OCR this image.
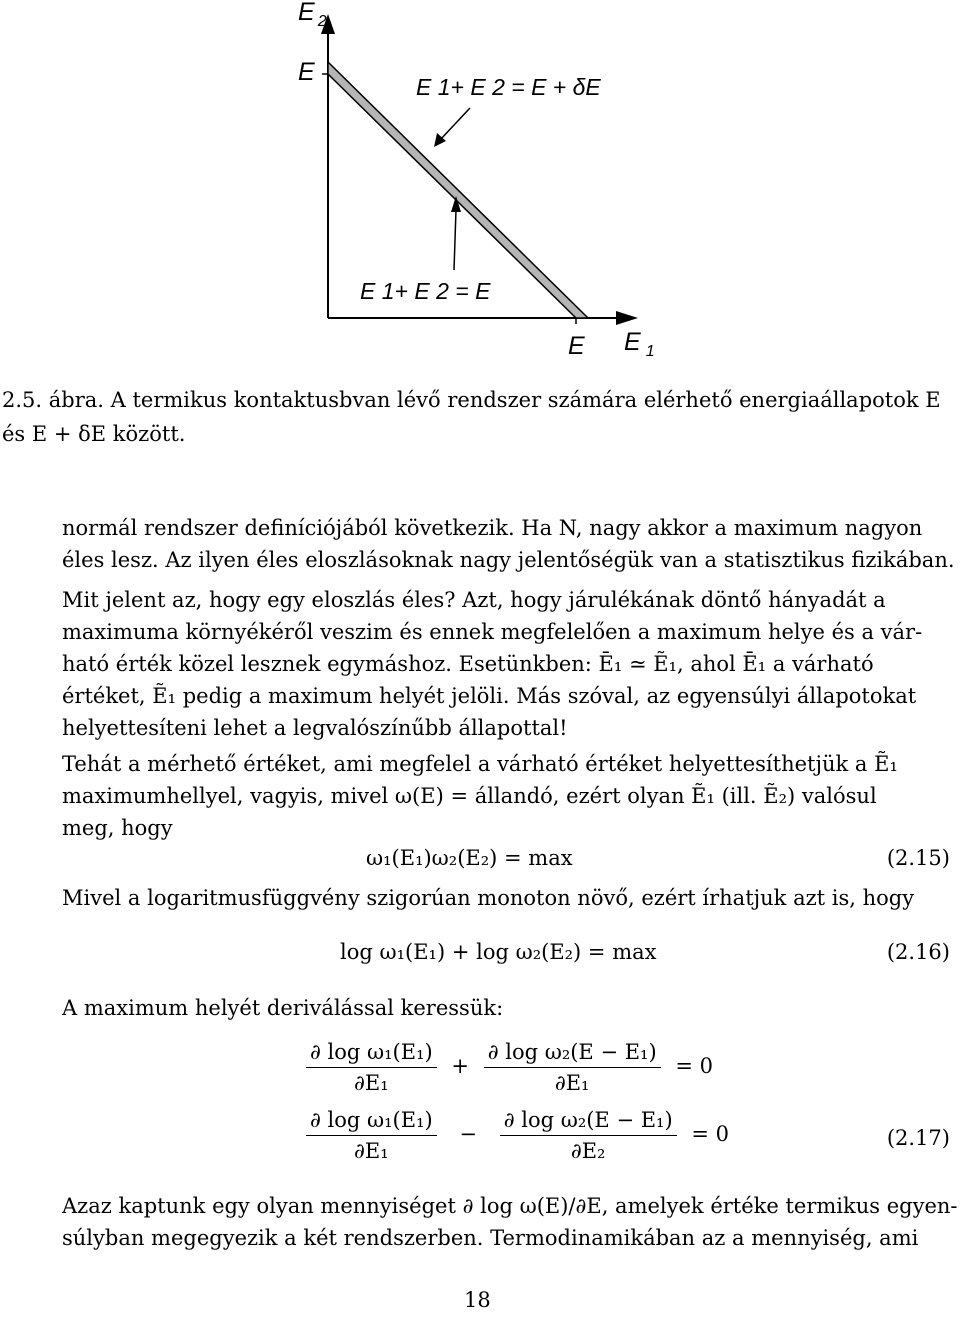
E $_2$
E
E E $_1$
E 1+ E 2 = E + δE
E 1+ E 2 = E
2.5. ábra. A termikus kontaktusbvan lévő rendszer számára elérhető energiaállapotok E
és E + δE között.
normál rendszer definíciójából következik. Ha N, nagy akkor a maximum nagyon
éles lesz. Az ilyen éles eloszlásoknak nagy jelentőségük van a statisztikus fizikában.
Mit jelent az, hogy egy eloszlás éles? Azt, hogy járulékának döntő hányadát a
maximuma környékéről veszim és ennek megfelelően a maximum helye és a vár-
ható érték közel lesznek egymáshoz. Esetünkben: Ē₁ ≃ Ẽ₁, ahol Ē₁ a várható
értéket, Ẽ₁ pedig a maximum helyét jelöli. Más szóval, az egyensúlyi állapotokat
helyettesíteni lehet a legvalószínűbb állapottal!
Tehát a mérhető értéket, ami megfelel a várható értéket helyettesíthetjük a Ẽ₁
maximumhellyel, vagyis, mivel ω(E) = állandó, ezért olyan Ẽ₁ (ill. Ẽ₂) valósul
meg, hogy
ω₁(E₁)ω₂(E₂) = max	(2.15)
Mivel a logaritmusfüggvény szigorúan monoton növő, ezért írhatjuk azt is, hogy
log ω₁(E₁) + log ω₂(E₂) = max	(2.16)
A maximum helyét deriválással keressük:
$\frac{\text{∂ log ω₁(E₁)}}{\text{∂E₁}} + \frac{\text{∂ log ω₂(E − E₁)}}{\text{∂E₁}} = 0$
$\frac{\text{∂ log ω₁(E₁)}}{\text{∂E₁}} - \frac{\text{∂ log ω₂(E − E₁)}}{\text{∂E₂}} = 0$	(2.17)
Azaz kaptunk egy olyan mennyiséget ∂ log ω(E)/∂E, amelyek értéke termikus egyen-
súlyban megegyezik a két rendszerben. Termodinamikában az a mennyiség, ami
18
